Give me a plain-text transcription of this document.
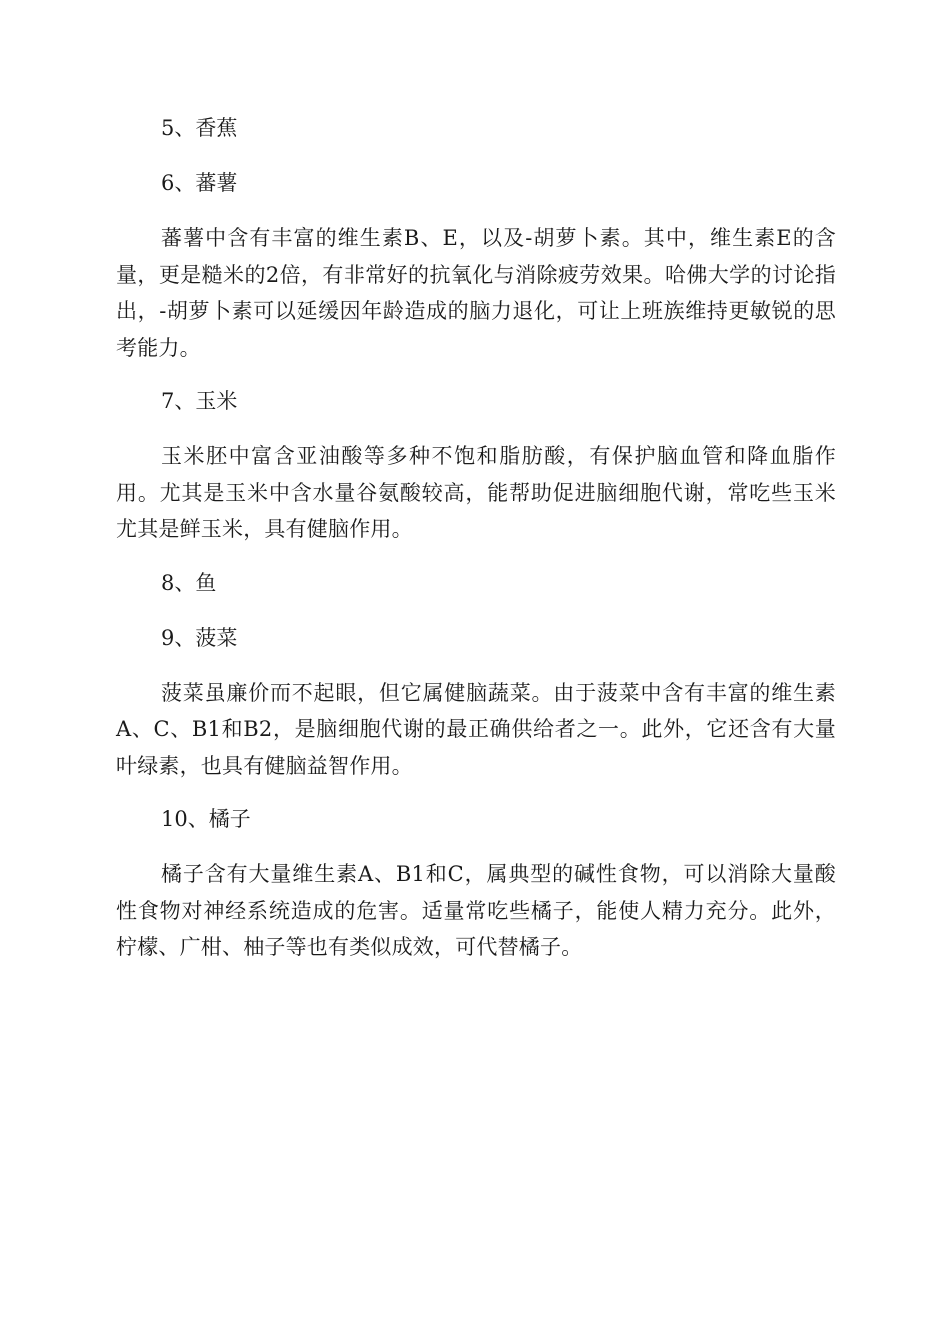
5、香蕉
6、蕃薯

蕃薯中含有丰富的维生素B、E，以及-胡萝卜素。其中，维生素E的含量，更是糙米的2倍，有非常好的抗氧化与消除疲劳效果。哈佛大学的讨论指出，-胡萝卜素可以延缓因年龄造成的脑力退化，可让上班族维持更敏锐的思考能力。

7、玉米

玉米胚中富含亚油酸等多种不饱和脂肪酸，有保护脑血管和降血脂作用。尤其是玉米中含水量谷氨酸较高，能帮助促进脑细胞代谢，常吃些玉米尤其是鲜玉米，具有健脑作用。

8、鱼
9、菠菜

菠菜虽廉价而不起眼，但它属健脑蔬菜。由于菠菜中含有丰富的维生素A、C、B1和B2，是脑细胞代谢的最正确供给者之一。此外，它还含有大量叶绿素，也具有健脑益智作用。

10、橘子

橘子含有大量维生素A、B1和C，属典型的碱性食物，可以消除大量酸性食物对神经系统造成的危害。适量常吃些橘子，能使人精力充分。此外，柠檬、广柑、柚子等也有类似成效，可代替橘子。
